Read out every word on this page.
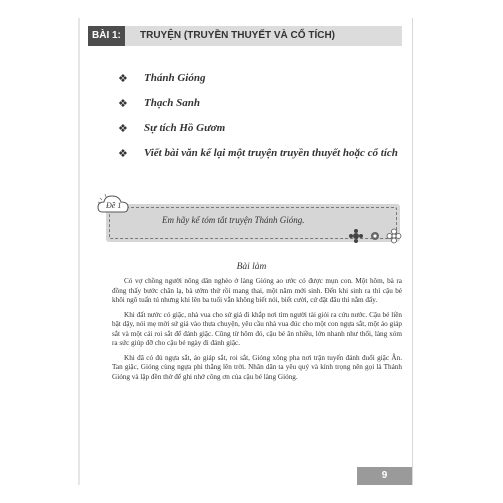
BÀI 1:	TRUYỆN (TRUYỀN THUYẾT VÀ CỔ TÍCH)
❖	Thánh Gióng
❖	Thạch Sanh
❖	Sự tích Hồ Gươm
❖	Viết bài văn kể lại một truyện truyền thuyết hoặc cổ tích
Đề 1
Em hãy kể tóm tắt truyện Thánh Gióng.
Bài làm

Có vợ chồng người nông dân nghèo ở làng Gióng ao ước có được mụn con. Một hôm, bà ra đồng thấy bước chân lạ, bà ướm thử rồi mang thai, một năm mới sinh. Đến khi sinh ra thì cậu bé khôi ngô tuấn tú nhưng khi lên ba tuổi vẫn không biết nói, biết cười, cứ đặt đâu thì nằm đấy.

Khi đất nước có giặc, nhà vua cho sứ giả đi khắp nơi tìm người tài giỏi ra cứu nước. Cậu bé liền bật dậy, nói mẹ mời sứ giả vào thưa chuyện, yêu cầu nhà vua đúc cho một con ngựa sắt, một áo giáp sắt và một cái roi sắt để đánh giặc. Cũng từ hôm đó, cậu bé ăn nhiều, lớn nhanh như thổi, làng xóm ra sức giúp đỡ cho cậu bé ngày đi đánh giặc.

Khi đã có đủ ngựa sắt, áo giáp sắt, roi sắt, Gióng xông pha nơi trận tuyến đánh đuổi giặc Ân. Tan giặc, Gióng cùng ngựa phi thẳng lên trời. Nhân dân ta yêu quý và kính trọng nên gọi là Thánh Gióng và lập đền thờ để ghi nhớ công ơn của cậu bé làng Gióng.

9
